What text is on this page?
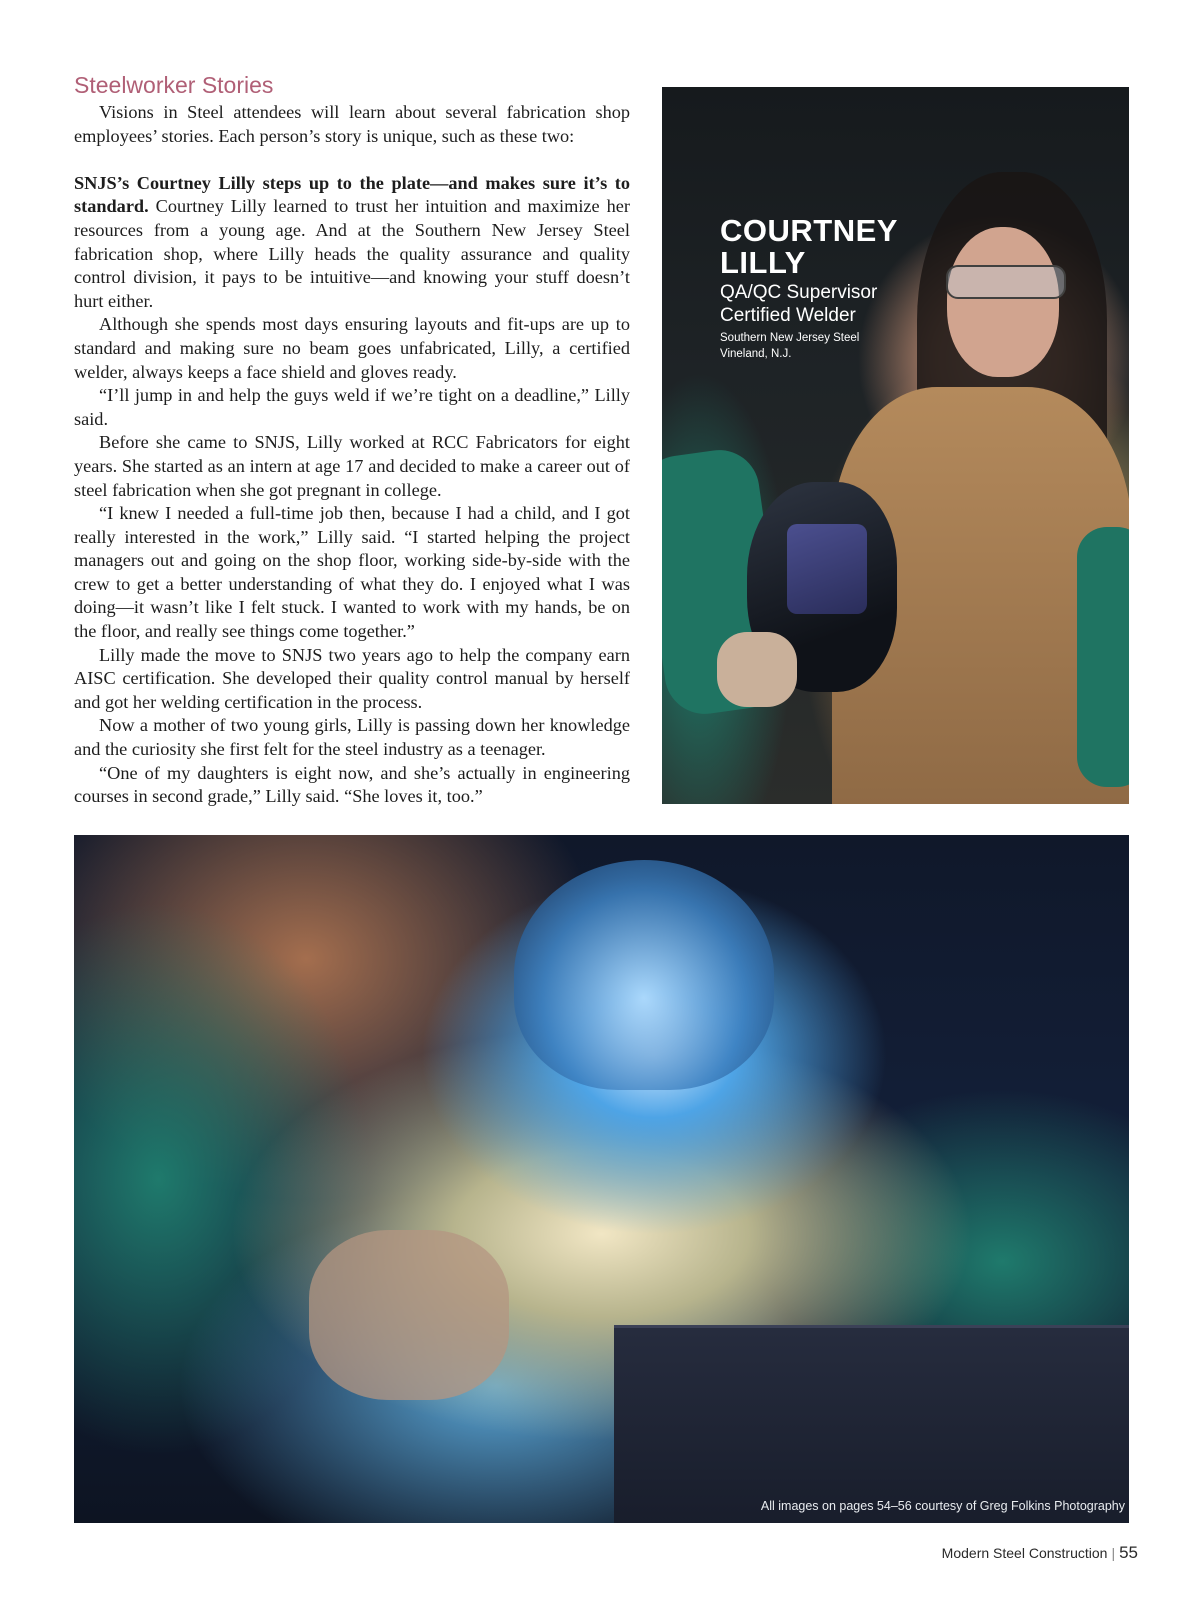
Steelworker Stories

Visions in Steel attendees will learn about several fabrication shop employees’ stories. Each person’s story is unique, such as these two:

SNJS’s Courtney Lilly steps up to the plate—and makes sure it’s to standard. Courtney Lilly learned to trust her intuition and maximize her resources from a young age. And at the Southern New Jersey Steel fabrication shop, where Lilly heads the quality assurance and quality control division, it pays to be intuitive—and knowing your stuff doesn’t hurt either.

Although she spends most days ensuring layouts and fit-ups are up to standard and making sure no beam goes unfabricated, Lilly, a certified welder, always keeps a face shield and gloves ready.

“I’ll jump in and help the guys weld if we’re tight on a deadline,” Lilly said.

Before she came to SNJS, Lilly worked at RCC Fabricators for eight years. She started as an intern at age 17 and decided to make a career out of steel fabrication when she got pregnant in college.

“I knew I needed a full-time job then, because I had a child, and I got really interested in the work,” Lilly said. “I started helping the project managers out and going on the shop floor, working side-by-side with the crew to get a better understanding of what they do. I enjoyed what I was doing—it wasn’t like I felt stuck. I wanted to work with my hands, be on the floor, and really see things come together.”

Lilly made the move to SNJS two years ago to help the company earn AISC certification. She developed their quality control manual by herself and got her welding certification in the process.

Now a mother of two young girls, Lilly is passing down her knowledge and the curiosity she first felt for the steel industry as a teenager.

“One of my daughters is eight now, and she’s actually in engineering courses in second grade,” Lilly said. “She loves it, too.”

COURTNEY LILLY

QA/QC Supervisor

Certified Welder

Southern New Jersey Steel

Vineland, N.J.

All images on pages 54–56 courtesy of Greg Folkins Photography
Modern Steel Construction | 55
